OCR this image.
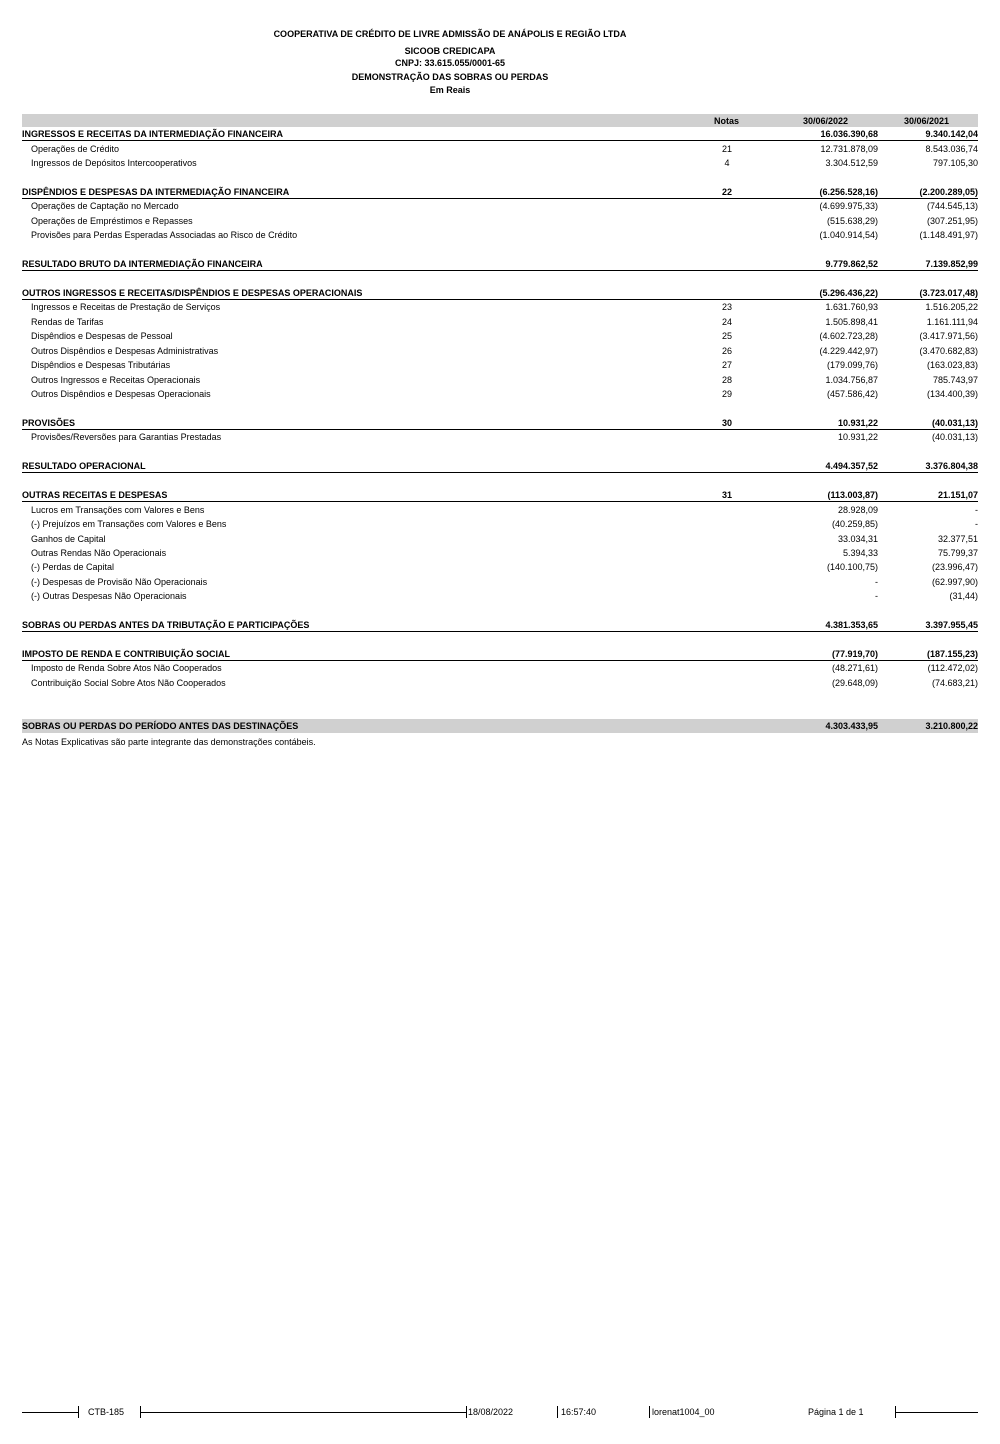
COOPERATIVA DE CRÉDITO DE LIVRE ADMISSÃO DE ANÁPOLIS E REGIÃO LTDA
SICOOB CREDICAPA
CNPJ: 33.615.055/0001-65
DEMONSTRAÇÃO DAS SOBRAS OU PERDAS
Em Reais
Notas	30/06/2022	30/06/2021
INGRESSOS E RECEITAS DA INTERMEDIAÇÃO FINANCEIRA	16.036.390,68	9.340.142,04
Operações de Crédito	21	12.731.878,09	8.543.036,74
Ingressos de Depósitos Intercooperativos	4	3.304.512,59	797.105,30
DISPÊNDIOS E DESPESAS DA INTERMEDIAÇÃO FINANCEIRA	22	(6.256.528,16)	(2.200.289,05)
Operações de Captação no Mercado	(4.699.975,33)	(744.545,13)
Operações de Empréstimos e Repasses	(515.638,29)	(307.251,95)
Provisões para Perdas Esperadas Associadas ao Risco de Crédito	(1.040.914,54)	(1.148.491,97)
RESULTADO BRUTO DA INTERMEDIAÇÃO FINANCEIRA	9.779.862,52	7.139.852,99
OUTROS INGRESSOS E RECEITAS/DISPÊNDIOS E DESPESAS OPERACIONAIS	(5.296.436,22)	(3.723.017,48)
Ingressos e Receitas de Prestação de Serviços	23	1.631.760,93	1.516.205,22
Rendas de Tarifas	24	1.505.898,41	1.161.111,94
Dispêndios e Despesas de Pessoal	25	(4.602.723,28)	(3.417.971,56)
Outros Dispêndios e Despesas Administrativas	26	(4.229.442,97)	(3.470.682,83)
Dispêndios e Despesas Tributárias	27	(179.099,76)	(163.023,83)
Outros Ingressos e Receitas Operacionais	28	1.034.756,87	785.743,97
Outros Dispêndios e Despesas Operacionais	29	(457.586,42)	(134.400,39)
PROVISÕES	30	10.931,22	(40.031,13)
Provisões/Reversões para Garantias Prestadas	10.931,22	(40.031,13)
RESULTADO OPERACIONAL	4.494.357,52	3.376.804,38
OUTRAS RECEITAS E DESPESAS	31	(113.003,87)	21.151,07
Lucros em Transações com Valores e Bens	28.928,09	-
(-) Prejuízos em Transações com Valores e Bens	(40.259,85)	-
Ganhos de Capital	33.034,31	32.377,51
Outras Rendas Não Operacionais	5.394,33	75.799,37
(-) Perdas de Capital	(140.100,75)	(23.996,47)
(-) Despesas de Provisão Não Operacionais	-	(62.997,90)
(-) Outras Despesas Não Operacionais	-	(31,44)
SOBRAS OU PERDAS ANTES DA TRIBUTAÇÃO E PARTICIPAÇÕES	4.381.353,65	3.397.955,45
IMPOSTO DE RENDA E CONTRIBUIÇÃO SOCIAL	(77.919,70)	(187.155,23)
Imposto de Renda Sobre Atos Não Cooperados	(48.271,61)	(112.472,02)
Contribuição Social Sobre Atos Não Cooperados	(29.648,09)	(74.683,21)
SOBRAS OU PERDAS DO PERÍODO ANTES DAS DESTINAÇÕES	4.303.433,95	3.210.800,22
As Notas Explicativas são parte integrante das demonstrações contábeis.
CTB-185	18/08/2022	16:57:40	lorenat1004_00	Página 1 de 1
